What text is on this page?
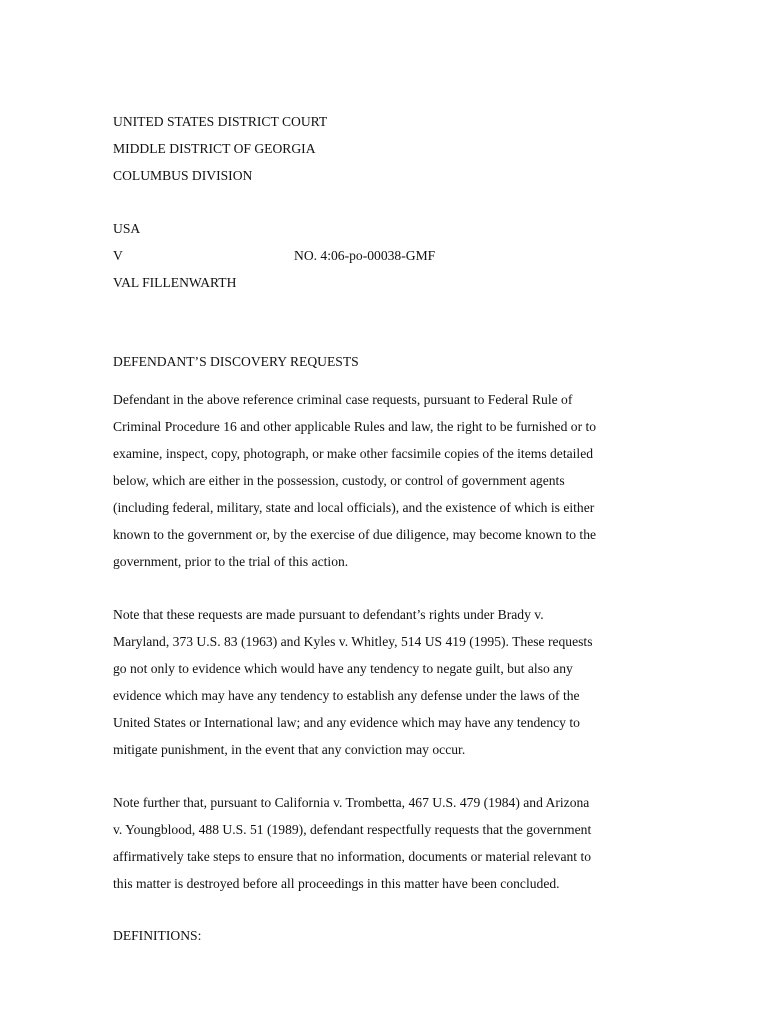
UNITED STATES DISTRICT COURT
MIDDLE DISTRICT OF GEORGIA
COLUMBUS DIVISION
USA
V	NO. 4:06-po-00038-GMF
VAL FILLENWARTH
DEFENDANT’S DISCOVERY REQUESTS
Defendant in the above reference criminal case requests, pursuant to Federal Rule of
Criminal Procedure 16 and other applicable Rules and law, the right to be furnished or to
examine, inspect, copy, photograph, or make other facsimile copies of the items detailed
below, which are either in the possession, custody, or control of government agents
(including federal, military, state and local officials), and the existence of which is either
known to the government or, by the exercise of due diligence, may become known to the
government, prior to the trial of this action.
Note that these requests are made pursuant to defendant’s rights under Brady v.
Maryland, 373 U.S. 83 (1963) and Kyles v. Whitley, 514 US 419 (1995). These requests
go not only to evidence which would have any tendency to negate guilt, but also any
evidence which may have any tendency to establish any defense under the laws of the
United States or International law; and any evidence which may have any tendency to
mitigate punishment, in the event that any conviction may occur.
Note further that, pursuant to California v. Trombetta, 467 U.S. 479 (1984) and Arizona
v. Youngblood, 488 U.S. 51 (1989), defendant respectfully requests that the government
affirmatively take steps to ensure that no information, documents or material relevant to
this matter is destroyed before all proceedings in this matter have been concluded.
DEFINITIONS:
